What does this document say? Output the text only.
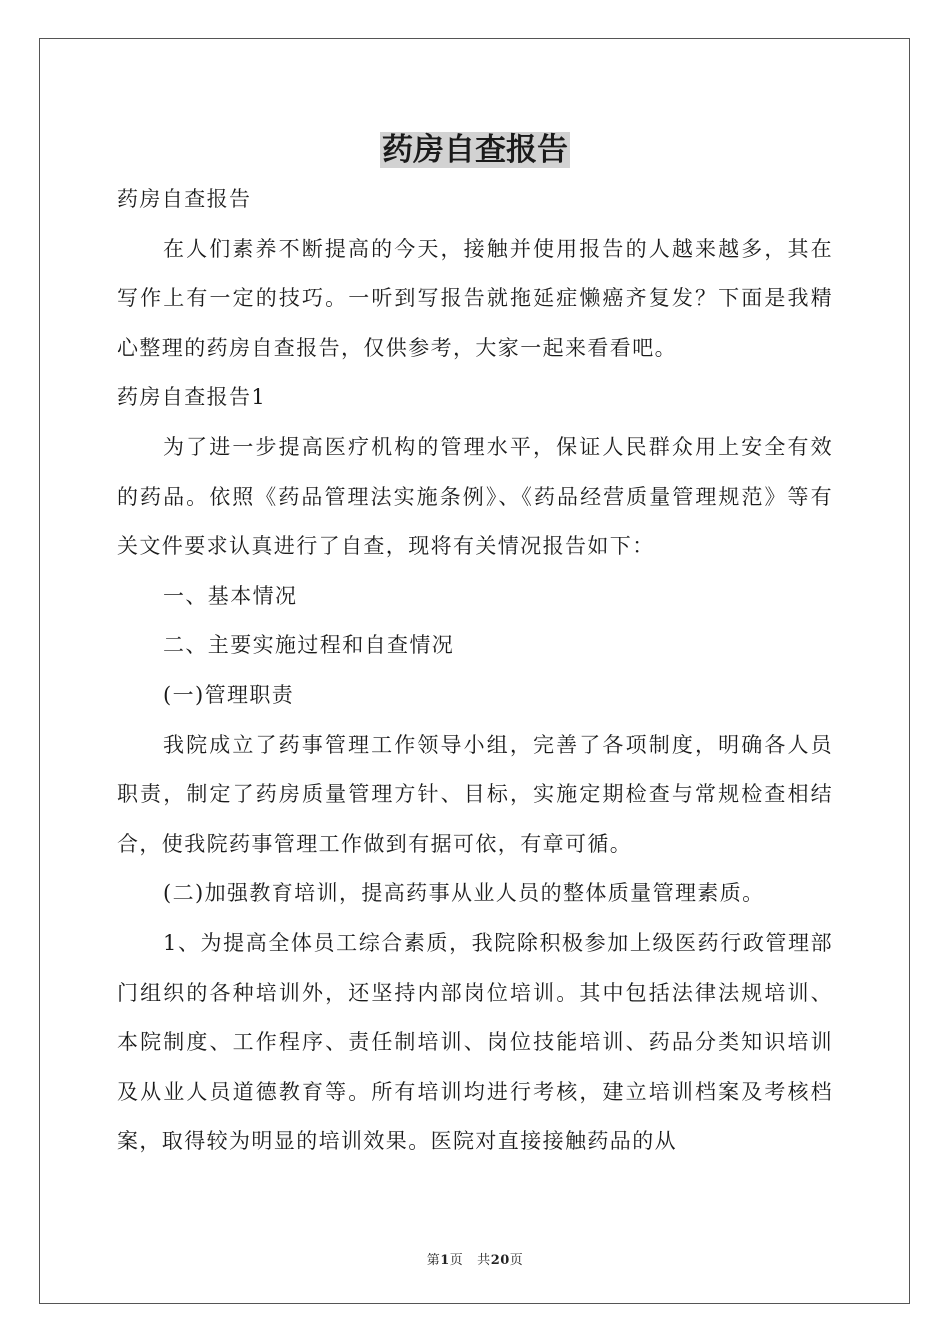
药房自查报告

药房自查报告

在人们素养不断提高的今天，接触并使用报告的人越来越多，其在写作上有一定的技巧。一听到写报告就拖延症懒癌齐复发？下面是我精心整理的药房自查报告，仅供参考，大家一起来看看吧。

药房自查报告1

为了进一步提高医疗机构的管理水平，保证人民群众用上安全有效的药品。依照《药品管理法实施条例》、《药品经营质量管理规范》等有关文件要求认真进行了自查，现将有关情况报告如下：

一、基本情况

二、主要实施过程和自查情况

(一)管理职责

我院成立了药事管理工作领导小组，完善了各项制度，明确各人员职责，制定了药房质量管理方针、目标，实施定期检查与常规检查相结合，使我院药事管理工作做到有据可依，有章可循。

(二)加强教育培训，提高药事从业人员的整体质量管理素质。

1、为提高全体员工综合素质，我院除积极参加上级医药行政管理部门组织的各种培训外，还坚持内部岗位培训。其中包括法律法规培训、本院制度、工作程序、责任制培训、岗位技能培训、药品分类知识培训及从业人员道德教育等。所有培训均进行考核，建立培训档案及考核档案，取得较为明显的培训效果。医院对直接接触药品的从

第1页 共20页
